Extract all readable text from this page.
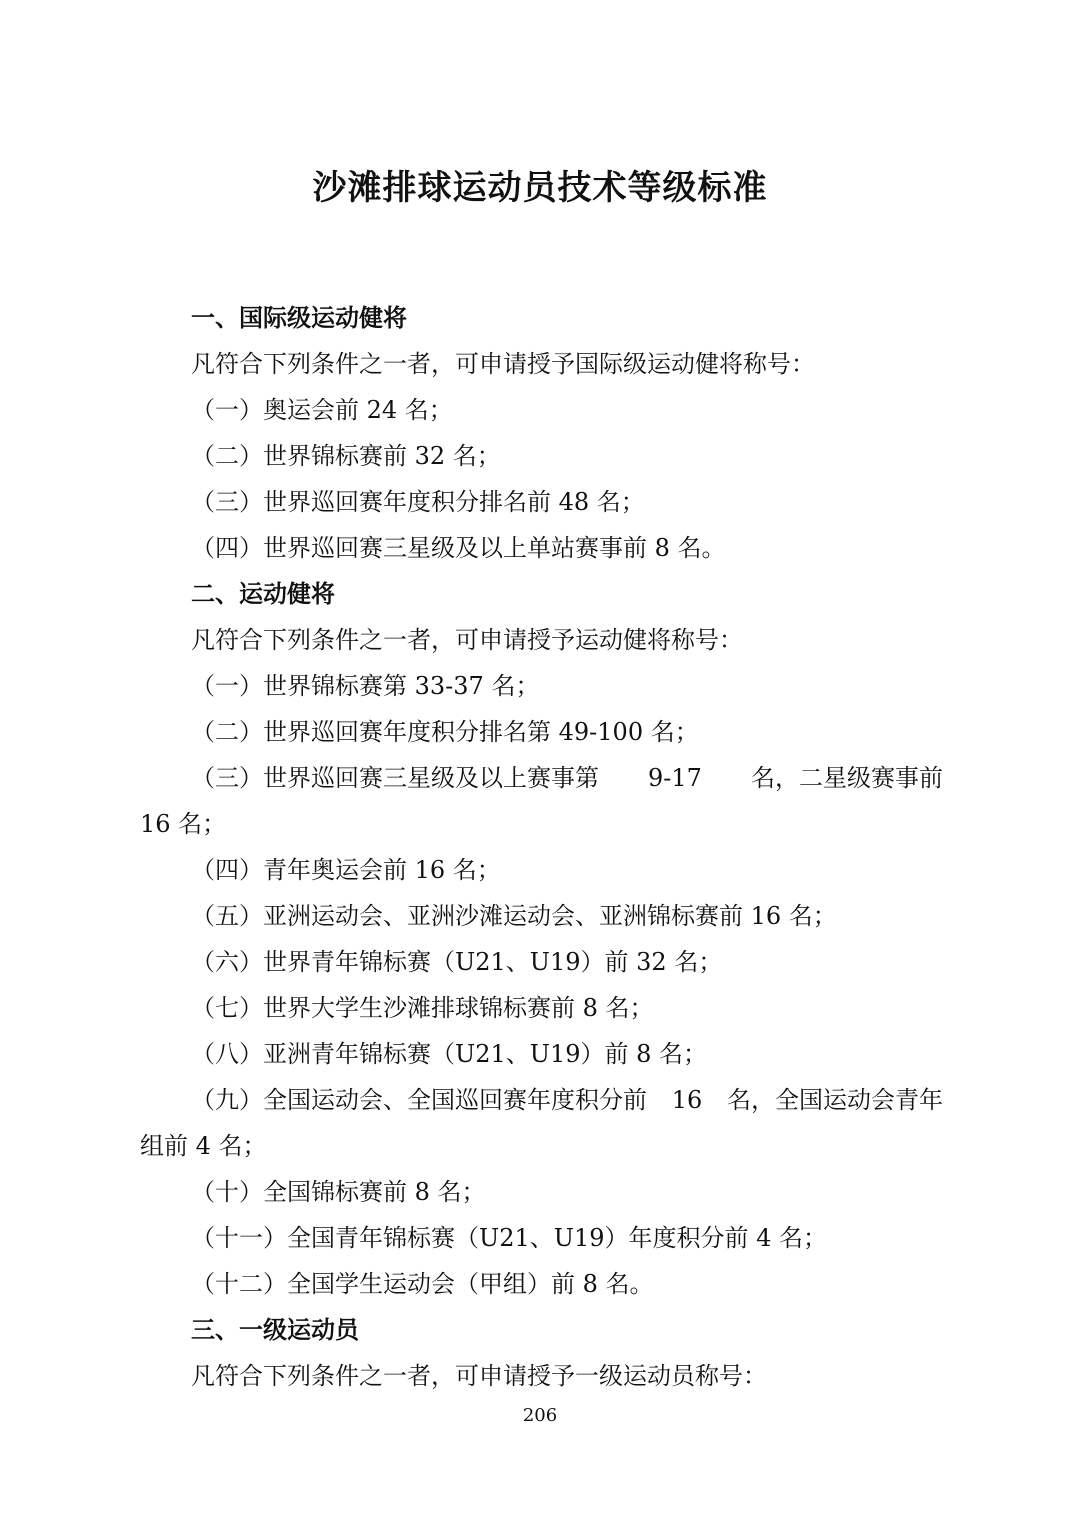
沙滩排球运动员技术等级标准
一、国际级运动健将
凡符合下列条件之一者，可申请授予国际级运动健将称号：
（一）奥运会前 24 名；
（二）世界锦标赛前 32 名；
（三）世界巡回赛年度积分排名前 48 名；
（四）世界巡回赛三星级及以上单站赛事前 8 名。
二、运动健将
凡符合下列条件之一者，可申请授予运动健将称号：
（一）世界锦标赛第 33-37 名；
（二）世界巡回赛年度积分排名第 49-100 名；
（三）世界巡回赛三星级及以上赛事第 9-17 名，二星级赛事前
16 名；
（四）青年奥运会前 16 名；
（五）亚洲运动会、亚洲沙滩运动会、亚洲锦标赛前 16 名；
（六）世界青年锦标赛（U21、U19）前 32 名；
（七）世界大学生沙滩排球锦标赛前 8 名；
（八）亚洲青年锦标赛（U21、U19）前 8 名；
（九）全国运动会、全国巡回赛年度积分前 16 名，全国运动会青年
组前 4 名；
（十）全国锦标赛前 8 名；
（十一）全国青年锦标赛（U21、U19）年度积分前 4 名；
（十二）全国学生运动会（甲组）前 8 名。
三、一级运动员
凡符合下列条件之一者，可申请授予一级运动员称号：
206
